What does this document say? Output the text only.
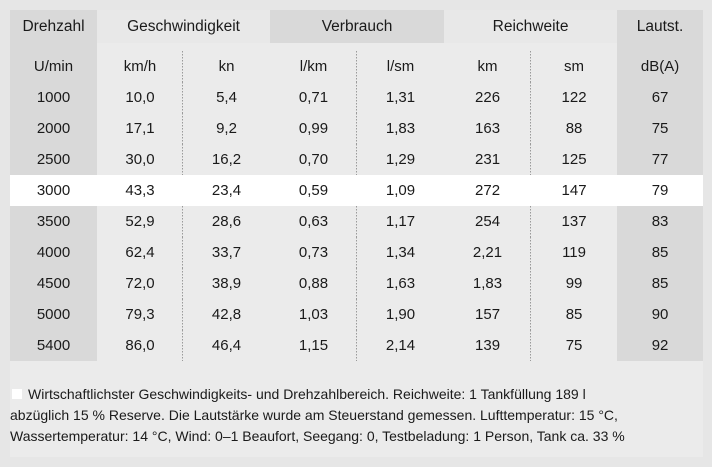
Drehzahl	Geschwindigkeit		Verbrauch		Reichweite		Lautst.

U/min	km/h	kn	l/km	l/sm	km	sm	dB(A)
1000	10,0	5,4	0,71	1,31	226	122	67
2000	17,1	9,2	0,99	1,83	163	88	75
2500	30,0	16,2	0,70	1,29	231	125	77
3000	43,3	23,4	0,59	1,09	272	147	79
3500	52,9	28,6	0,63	1,17	254	137	83
4000	62,4	33,7	0,73	1,34	2,21	119	85
4500	72,0	38,9	0,88	1,63	1,83	99	85
5000	79,3	42,8	1,03	1,90	157	85	90
5400	86,0	46,4	1,15	2,14	139	75	92
Wirtschaftlichster Geschwindigkeits- und Drehzahlbereich. Reichweite: 1 Tankfüllung 189 l
abzüglich 15 % Reserve. Die Lautstärke wurde am Steuerstand gemessen. Lufttemperatur: 15 °C,
Wassertemperatur: 14 °C, Wind: 0–1 Beaufort, Seegang: 0, Testbeladung: 1 Person, Tank ca. 33 %
